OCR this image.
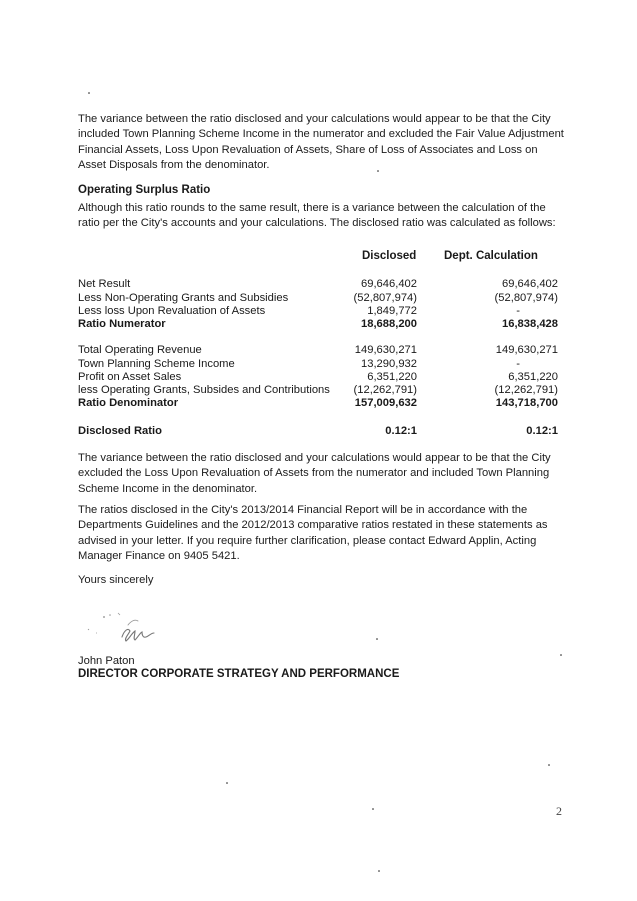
The variance between the ratio disclosed and your calculations would appear to be that the City included Town Planning Scheme Income in the numerator and excluded the Fair Value Adjustment Financial Assets, Loss Upon Revaluation of Assets, Share of Loss of Associates and Loss on Asset Disposals from the denominator.

Operating Surplus Ratio

Although this ratio rounds to the same result, there is a variance between the calculation of the ratio per the City's accounts and your calculations. The disclosed ratio was calculated as follows:

Disclosed Dept. Calculation
Net Result	69,646,402	69,646,402
Less Non-Operating Grants and Subsidies	(52,807,974)	(52,807,974)
Less loss Upon Revaluation of Assets	1,849,772	-
Ratio Numerator	18,688,200	16,838,428
Total Operating Revenue	149,630,271	149,630,271
Town Planning Scheme Income	13,290,932	-
Profit on Asset Sales	6,351,220	6,351,220
less Operating Grants, Subsides and Contributions (12,262,791)	(12,262,791)
Ratio Denominator	157,009,632	143,718,700
Disclosed Ratio	0.12:1	0.12:1

The variance between the ratio disclosed and your calculations would appear to be that the City excluded the Loss Upon Revaluation of Assets from the numerator and included Town Planning Scheme Income in the denominator.

The ratios disclosed in the City's 2013/2014 Financial Report will be in accordance with the Departments Guidelines and the 2012/2013 comparative ratios restated in these statements as advised in your letter. If you require further clarification, please contact Edward Applin, Acting Manager Finance on 9405 5421.

Yours sincerely

John Paton
DIRECTOR CORPORATE STRATEGY AND PERFORMANCE
2
